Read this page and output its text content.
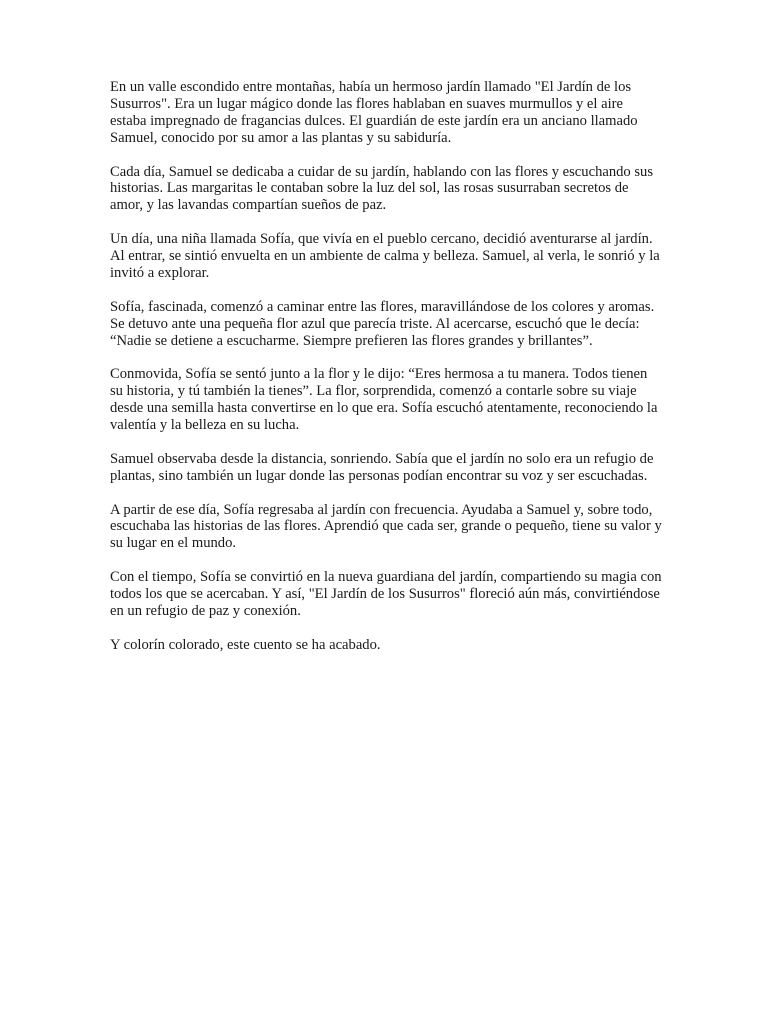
En un valle escondido entre montañas, había un hermoso jardín llamado "El Jardín de los Susurros". Era un lugar mágico donde las flores hablaban en suaves murmullos y el aire estaba impregnado de fragancias dulces. El guardián de este jardín era un anciano llamado Samuel, conocido por su amor a las plantas y su sabiduría.

Cada día, Samuel se dedicaba a cuidar de su jardín, hablando con las flores y escuchando sus historias. Las margaritas le contaban sobre la luz del sol, las rosas susurraban secretos de amor, y las lavandas compartían sueños de paz.

Un día, una niña llamada Sofía, que vivía en el pueblo cercano, decidió aventurarse al jardín. Al entrar, se sintió envuelta en un ambiente de calma y belleza. Samuel, al verla, le sonrió y la invitó a explorar.

Sofía, fascinada, comenzó a caminar entre las flores, maravillándose de los colores y aromas. Se detuvo ante una pequeña flor azul que parecía triste. Al acercarse, escuchó que le decía: “Nadie se detiene a escucharme. Siempre prefieren las flores grandes y brillantes”.

Conmovida, Sofía se sentó junto a la flor y le dijo: “Eres hermosa a tu manera. Todos tienen su historia, y tú también la tienes”. La flor, sorprendida, comenzó a contarle sobre su viaje desde una semilla hasta convertirse en lo que era. Sofía escuchó atentamente, reconociendo la valentía y la belleza en su lucha.

Samuel observaba desde la distancia, sonriendo. Sabía que el jardín no solo era un refugio de plantas, sino también un lugar donde las personas podían encontrar su voz y ser escuchadas.

A partir de ese día, Sofía regresaba al jardín con frecuencia. Ayudaba a Samuel y, sobre todo, escuchaba las historias de las flores. Aprendió que cada ser, grande o pequeño, tiene su valor y su lugar en el mundo.

Con el tiempo, Sofía se convirtió en la nueva guardiana del jardín, compartiendo su magia con todos los que se acercaban. Y así, "El Jardín de los Susurros" floreció aún más, convirtiéndose en un refugio de paz y conexión.

Y colorín colorado, este cuento se ha acabado.
